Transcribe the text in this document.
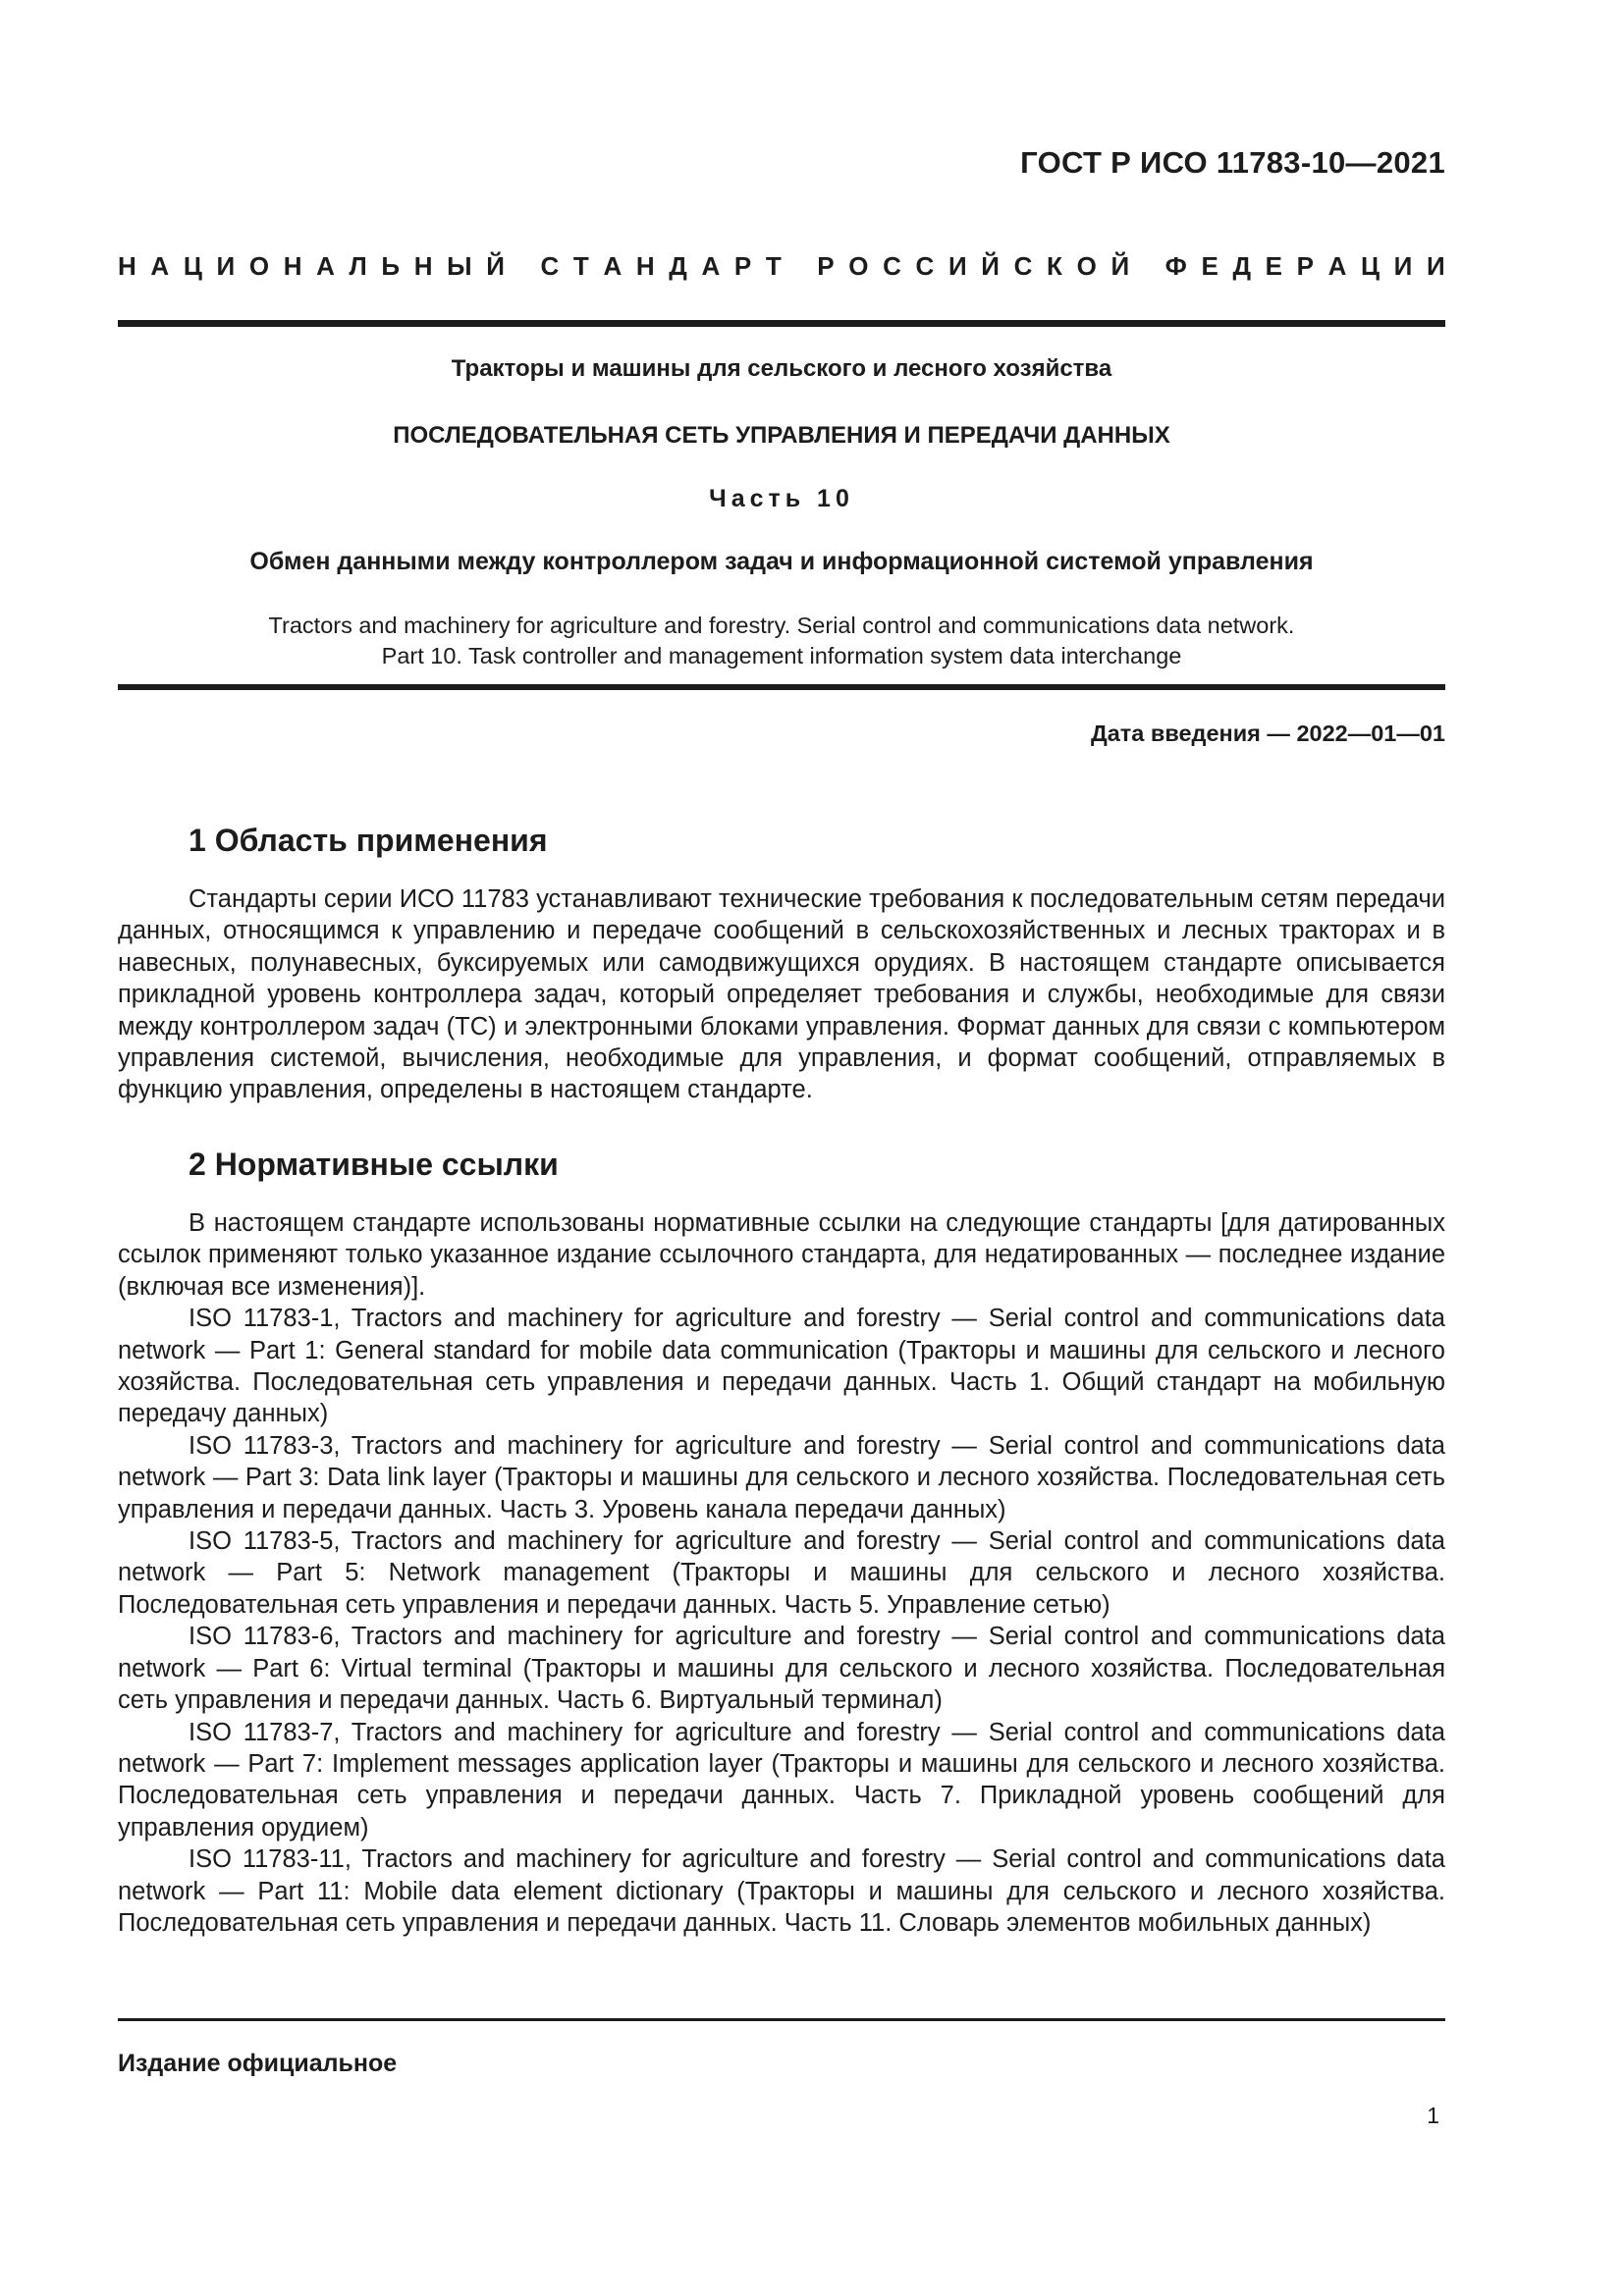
ГОСТ Р ИСО 11783-10—2021
Н А Ц И О Н А Л Ь Н Ы Й
С Т А Н Д А Р Т
Р О С С И Й С К О Й
Ф Е Д Е Р А Ц И И
Тракторы и машины для сельского и лесного хозяйства
ПОСЛЕДОВАТЕЛЬНАЯ СЕТЬ УПРАВЛЕНИЯ И ПЕРЕДАЧИ ДАННЫХ
Часть 10
Обмен данными между контроллером задач и информационной системой управления
Tractors and machinery for agriculture and forestry. Serial control and communications data network.
Part 10. Task controller and management information system data interchange
Дата введения — 2022—01—01
1 Область применения

Стандарты серии ИСО 11783 устанавливают технические требования к последовательным сетям передачи данных, относящимся к управлению и передаче сообщений в сельскохозяйственных и лесных тракторах и в навесных, полунавесных, буксируемых или самодвижущихся орудиях. В настоящем стандарте описывается прикладной уровень контроллера задач, который определяет требования и службы, необходимые для связи между контроллером задач (TC) и электронными блоками управления. Формат данных для связи с компьютером управления системой, вычисления, необходимые для управления, и формат сообщений, отправляемых в функцию управления, определены в настоящем стандарте.

2 Нормативные ссылки

В настоящем стандарте использованы нормативные ссылки на следующие стандарты [для датированных ссылок применяют только указанное издание ссылочного стандарта, для недатированных — последнее издание (включая все изменения)].

ISO 11783-1, Tractors and machinery for agriculture and forestry — Serial control and communications data network — Part 1: General standard for mobile data communication (Тракторы и машины для сельского и лесного хозяйства. Последовательная сеть управления и передачи данных. Часть 1. Общий стандарт на мобильную передачу данных)

ISO 11783-3, Tractors and machinery for agriculture and forestry — Serial control and communications data network — Part 3: Data link layer (Тракторы и машины для сельского и лесного хозяйства. Последовательная сеть управления и передачи данных. Часть 3. Уровень канала передачи данных)

ISO 11783-5, Tractors and machinery for agriculture and forestry — Serial control and communications data network — Part 5: Network management (Тракторы и машины для сельского и лесного хозяйства. Последовательная сеть управления и передачи данных. Часть 5. Управление сетью)

ISO 11783-6, Tractors and machinery for agriculture and forestry — Serial control and communications data network — Part 6: Virtual terminal (Тракторы и машины для сельского и лесного хозяйства. Последовательная сеть управления и передачи данных. Часть 6. Виртуальный терминал)

ISO 11783-7, Tractors and machinery for agriculture and forestry — Serial control and communications data network — Part 7: Implement messages application layer (Тракторы и машины для сельского и лесного хозяйства. Последовательная сеть управления и передачи данных. Часть 7. Прикладной уровень сообщений для управления орудием)

ISO 11783-11, Tractors and machinery for agriculture and forestry — Serial control and communications data network — Part 11: Mobile data element dictionary (Тракторы и машины для сельского и лесного хозяйства. Последовательная сеть управления и передачи данных. Часть 11. Словарь элементов мобильных данных)

Издание официальное
1
